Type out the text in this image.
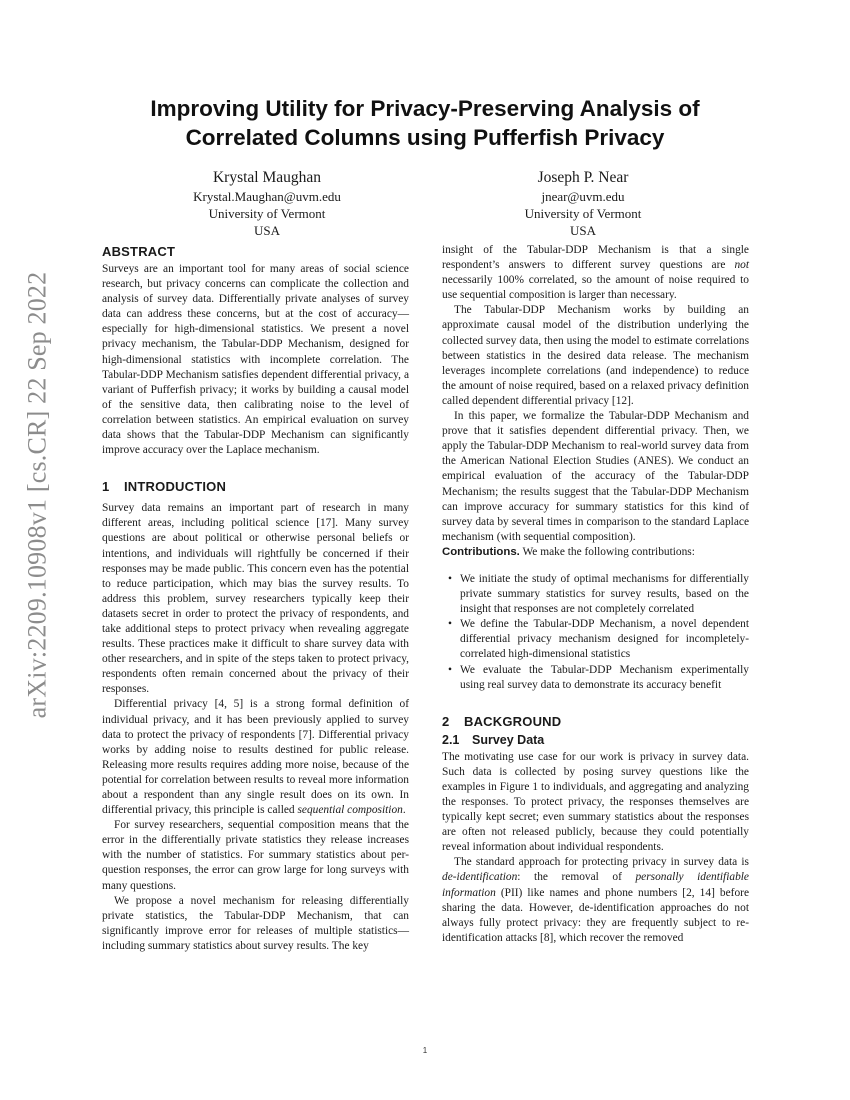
arXiv:2209.10908v1 [cs.CR] 22 Sep 2022
Improving Utility for Privacy-Preserving Analysis of
Correlated Columns using Pufferfish Privacy
Krystal Maughan
Krystal.Maughan@uvm.edu
University of Vermont
USA
Joseph P. Near
jnear@uvm.edu
University of Vermont
USA
ABSTRACT

Surveys are an important tool for many areas of social science research, but privacy concerns can complicate the collection and analysis of survey data. Differentially private analyses of survey data can address these concerns, but at the cost of accuracy—especially for high-dimensional statistics. We present a novel privacy mechanism, the Tabular-DDP Mechanism, designed for high-dimensional statistics with incomplete correlation. The Tabular-DDP Mechanism satisfies dependent differential privacy, a variant of Pufferfish privacy; it works by building a causal model of the sensitive data, then calibrating noise to the level of correlation between statistics. An empirical evaluation on survey data shows that the Tabular-DDP Mechanism can significantly improve accuracy over the Laplace mechanism.

1 INTRODUCTION

Survey data remains an important part of research in many different areas, including political science [17]. Many survey questions are about political or otherwise personal beliefs or intentions, and individuals will rightfully be concerned if their responses may be made public. This concern even has the potential to reduce participation, which may bias the survey results. To address this problem, survey researchers typically keep their datasets secret in order to protect the privacy of respondents, and take additional steps to protect privacy when revealing aggregate results. These practices make it difficult to share survey data with other researchers, and in spite of the steps taken to protect privacy, respondents often remain concerned about the privacy of their responses.

Differential privacy [4, 5] is a strong formal definition of individual privacy, and it has been previously applied to survey data to protect the privacy of respondents [7]. Differential privacy works by adding noise to results destined for public release. Releasing more results requires adding more noise, because of the potential for correlation between results to reveal more information about a respondent than any single result does on its own. In differential privacy, this principle is called sequential composition.

For survey researchers, sequential composition means that the error in the differentially private statistics they release increases with the number of statistics. For summary statistics about per-question responses, the error can grow large for long surveys with many questions.

We propose a novel mechanism for releasing differentially private statistics, the Tabular-DDP Mechanism, that can significantly improve error for releases of multiple statistics—including summary statistics about survey results. The key

insight of the Tabular-DDP Mechanism is that a single respondent’s answers to different survey questions are not necessarily 100% correlated, so the amount of noise required to use sequential composition is larger than necessary.

The Tabular-DDP Mechanism works by building an approximate causal model of the distribution underlying the collected survey data, then using the model to estimate correlations between statistics in the desired data release. The mechanism leverages incomplete correlations (and independence) to reduce the amount of noise required, based on a relaxed privacy definition called dependent differential privacy [12].

In this paper, we formalize the Tabular-DDP Mechanism and prove that it satisfies dependent differential privacy. Then, we apply the Tabular-DDP Mechanism to real-world survey data from the American National Election Studies (ANES). We conduct an empirical evaluation of the accuracy of the Tabular-DDP Mechanism; the results suggest that the Tabular-DDP Mechanism can improve accuracy for summary statistics for this kind of survey data by several times in comparison to the standard Laplace mechanism (with sequential composition).

Contributions. We make the following contributions:

• We initiate the study of optimal mechanisms for differentially private summary statistics for survey results, based on the insight that responses are not completely correlated
• We define the Tabular-DDP Mechanism, a novel dependent differential privacy mechanism designed for incompletely-correlated high-dimensional statistics
• We evaluate the Tabular-DDP Mechanism experimentally using real survey data to demonstrate its accuracy benefit
2 BACKGROUND
2.1 Survey Data

The motivating use case for our work is privacy in survey data. Such data is collected by posing survey questions like the examples in Figure 1 to individuals, and aggregating and analyzing the responses. To protect privacy, the responses themselves are typically kept secret; even summary statistics about the responses are often not released publicly, because they could potentially reveal information about individual respondents.

The standard approach for protecting privacy in survey data is de-identification: the removal of personally identifiable information (PII) like names and phone numbers [2, 14] before sharing the data. However, de-identification approaches do not always fully protect privacy: they are frequently subject to re-identification attacks [8], which recover the removed

1
